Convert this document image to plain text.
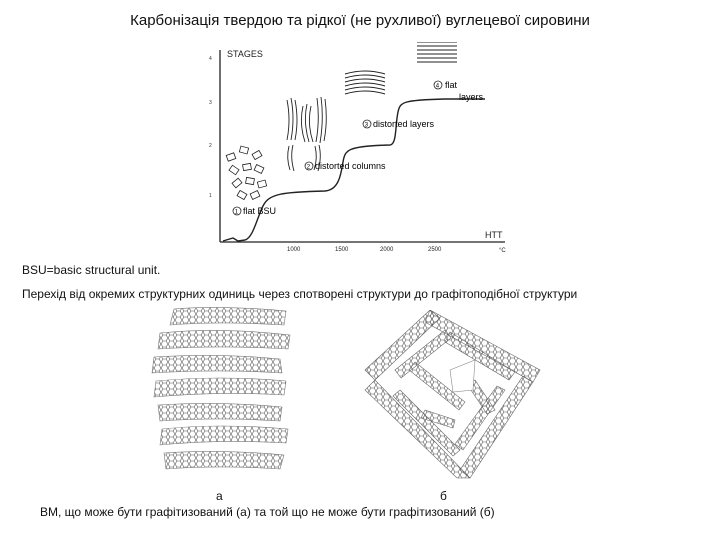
Карбонізація твердою та рідкої (не рухливої) вуглецевої сировини
STAGES
HTT
°C
1
2
3
4
1000	1500	2000	2500
1 flat BSU
2 distorted columns
3 distorted layers
4 flat
layers
BSU=basic structural unit.
Перехід від окремих структурних одиниць через спотворені структури до графітоподібної структури
а	б
ВМ, що може бути графітизований (а) та той що не може бути графітизований (б)
